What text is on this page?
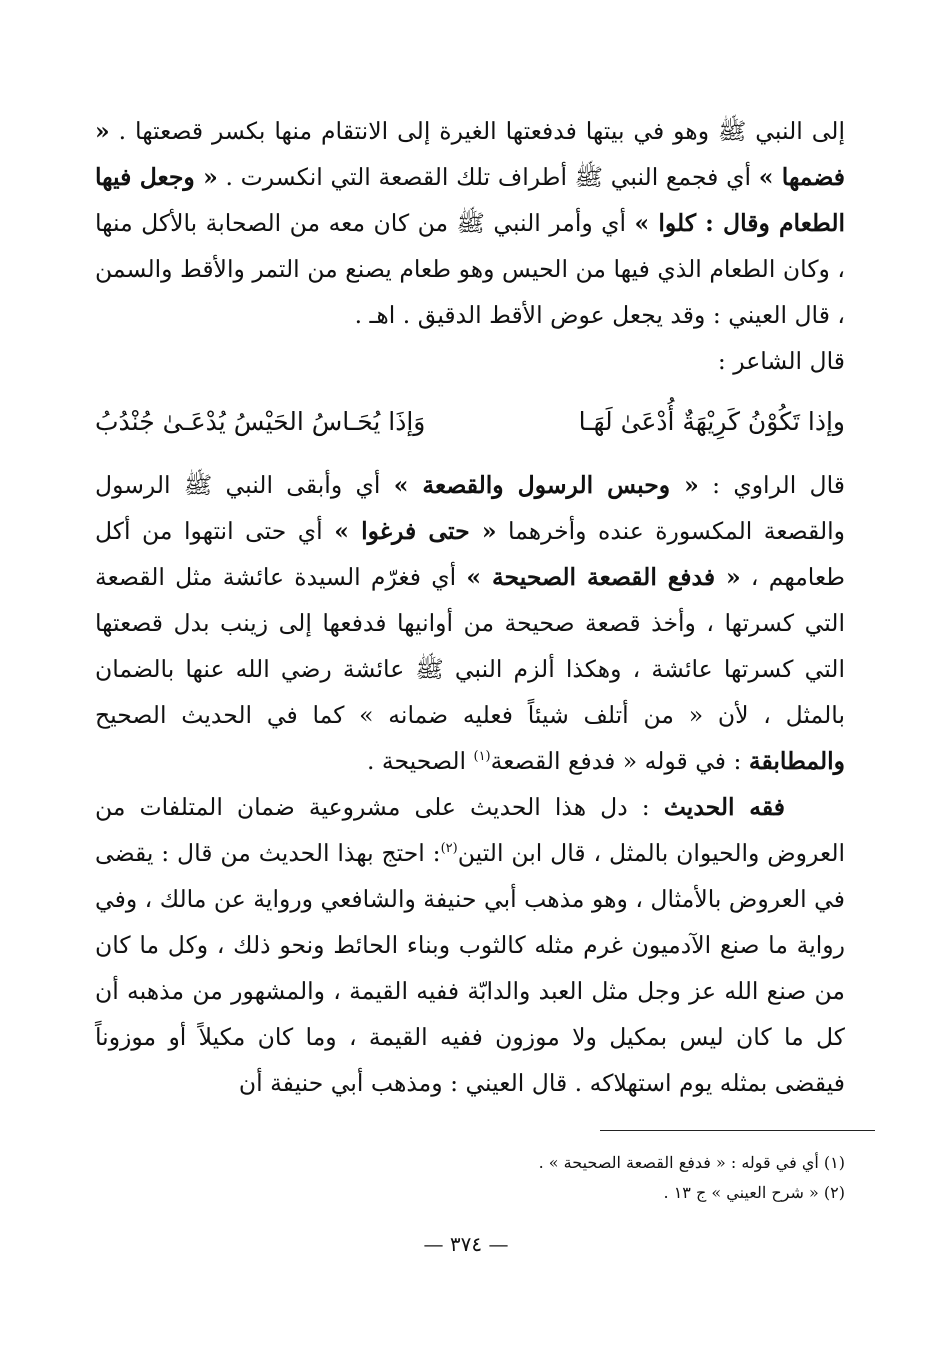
إلى النبي ﷺ وهو في بيتها فدفعتها الغيرة إلى الانتقام منها بكسر قصعتها . « فضمها » أي فجمع النبي ﷺ أطراف تلك القصعة التي انكسرت . « وجعل فيها الطعام وقال : كلوا » أي وأمر النبي ﷺ من كان معه من الصحابة بالأكل منها ، وكان الطعام الذي فيها من الحيس وهو طعام يصنع من التمر والأقط والسمن ، قال العيني : وقد يجعل عوض الأقط الدقيق . اهـ .

قال الشاعر :

وإذا تَكُوْنُ كَرِيْهَةٌ أُدْعَىٰ لَهَـا
وَإذَا يُحَـاسُ الحَيْسُ يُدْعَـىٰ جُنْدُبُ

قال الراوي : « وحبس الرسول والقصعة » أي وأبقى النبي ﷺ الرسول والقصعة المكسورة عنده وأخرهما « حتى فرغوا » أي حتى انتهوا من أكل طعامهم ، « فدفع القصعة الصحيحة » أي فغرّم السيدة عائشة مثل القصعة التي كسرتها ، وأخذ قصعة صحيحة من أوانيها فدفعها إلى زينب بدل قصعتها التي كسرتها عائشة ، وهكذا ألزم النبي ﷺ عائشة رضي الله عنها بالضمان بالمثل ، لأن « من أتلف شيئاً فعليه ضمانه » كما في الحديث الصحيح والمطابقة : في قوله « فدفع القصعة$^{(١)}$ الصحيحة .

فقه الحديث : دل هذا الحديث على مشروعية ضمان المتلفات من العروض والحيوان بالمثل ، قال ابن التين$^{(٢)}$: احتج بهذا الحديث من قال : يقضى في العروض بالأمثال ، وهو مذهب أبي حنيفة والشافعي ورواية عن مالك ، وفي رواية ما صنع الآدميون غرم مثله كالثوب وبناء الحائط ونحو ذلك ، وكل ما كان من صنع الله عز وجل مثل العبد والدابّة ففيه القيمة ، والمشهور من مذهبه أن كل ما كان ليس بمكيل ولا موزون ففيه القيمة ، وما كان مكيلاً أو موزوناً فيقضى بمثله يوم استهلاكه . قال العيني : ومذهب أبي حنيفة أن

(١) أي في قوله : « فدفع القصعة الصحيحة » .
(٢) « شرح العيني » ج ١٣ .
— ٣٧٤ —
